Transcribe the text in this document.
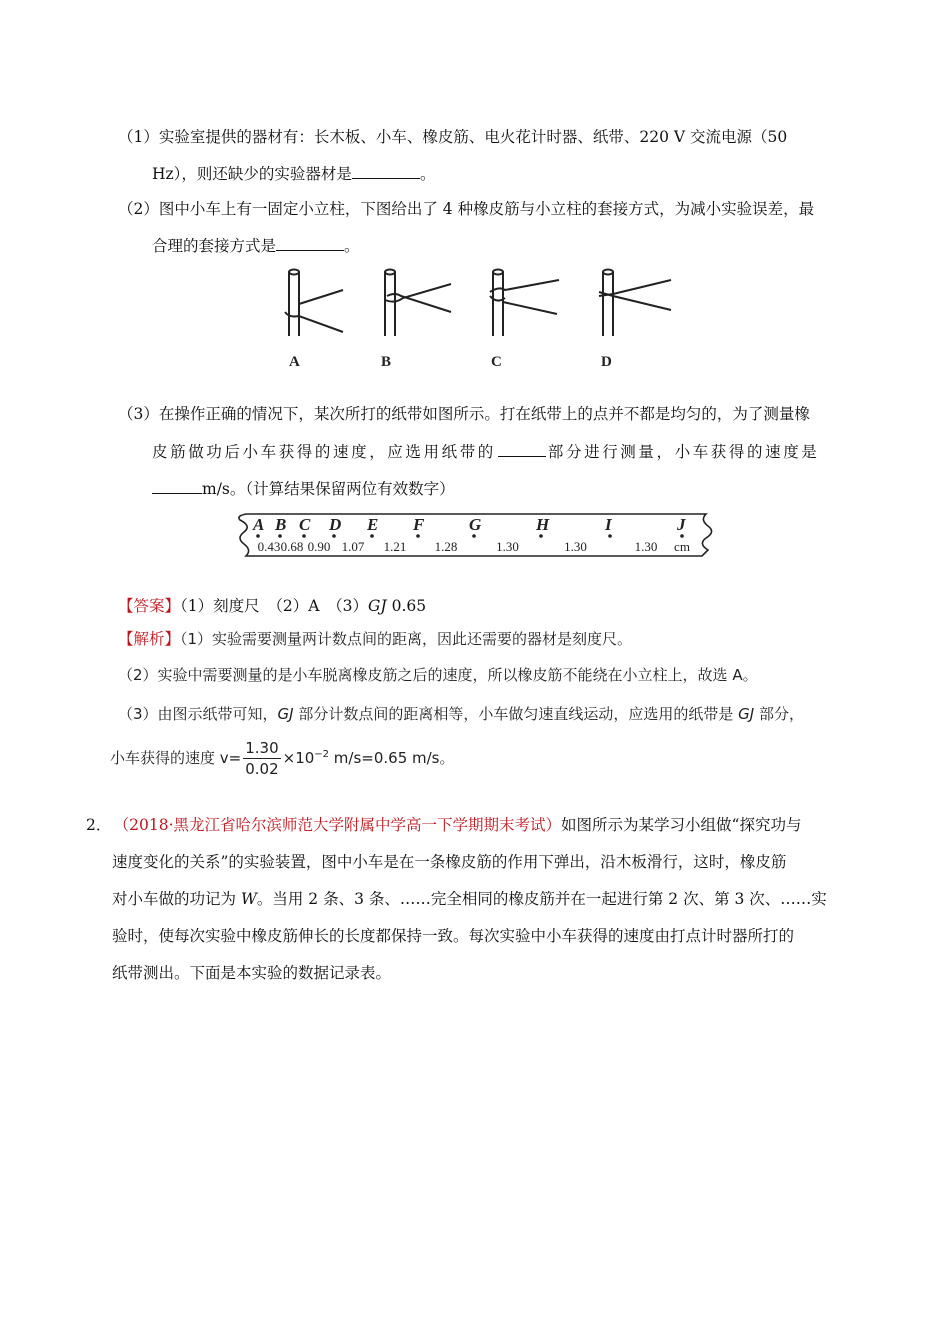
（1）实验室提供的器材有：长木板、小车、橡皮筋、电火花计时器、纸带、220 V 交流电源（50
Hz），则还缺少的实验器材是	。
（2）图中小车上有一固定小立柱，下图给出了 4 种橡皮筋与小立柱的套接方式，为减小实验误差，最
合理的套接方式是	。
A	B	C	D
（3）在操作正确的情况下，某次所打的纸带如图所示。打在纸带上的点并不都是均匀的，为了测量橡
皮筋做功后小车获得的速度，应选用纸带的	部分进行测量，小车获得的速度是
m/s。（计算结果保留两位有效数字）
A B C D E F	G	H	I	J
0.43 0.68 0.90 1.07 1.21 1.28	1.30	1.30	1.30 cm
【答案】（1）刻度尺　（2）A　（3）GJ 0.65
【解析】（1）实验需要测量两计数点间的距离，因此还需要的器材是刻度尺。
（2）实验中需要测量的是小车脱离橡皮筋之后的速度，所以橡皮筋不能绕在小立柱上，故选 A。
（3）由图示纸带可知，GJ 部分计数点间的距离相等，小车做匀速直线运动，应选用的纸带是 GJ 部分，
小车获得的速度 $v= \frac{1.30}{0.02} \times 10^{-2}$ m/s=0.65 m/s。
2． （2018·黑龙江省哈尔滨师范大学附属中学高一下学期期末考试）如图所示为某学习小组做“探究功与
速度变化的关系”的实验装置，图中小车是在一条橡皮筋的作用下弹出，沿木板滑行，这时，橡皮筋
对小车做的功记为 W。当用 2 条、3 条、……完全相同的橡皮筋并在一起进行第 2 次、第 3 次、……实
验时，使每次实验中橡皮筋伸长的长度都保持一致。每次实验中小车获得的速度由打点计时器所打的
纸带测出。下面是本实验的数据记录表。
